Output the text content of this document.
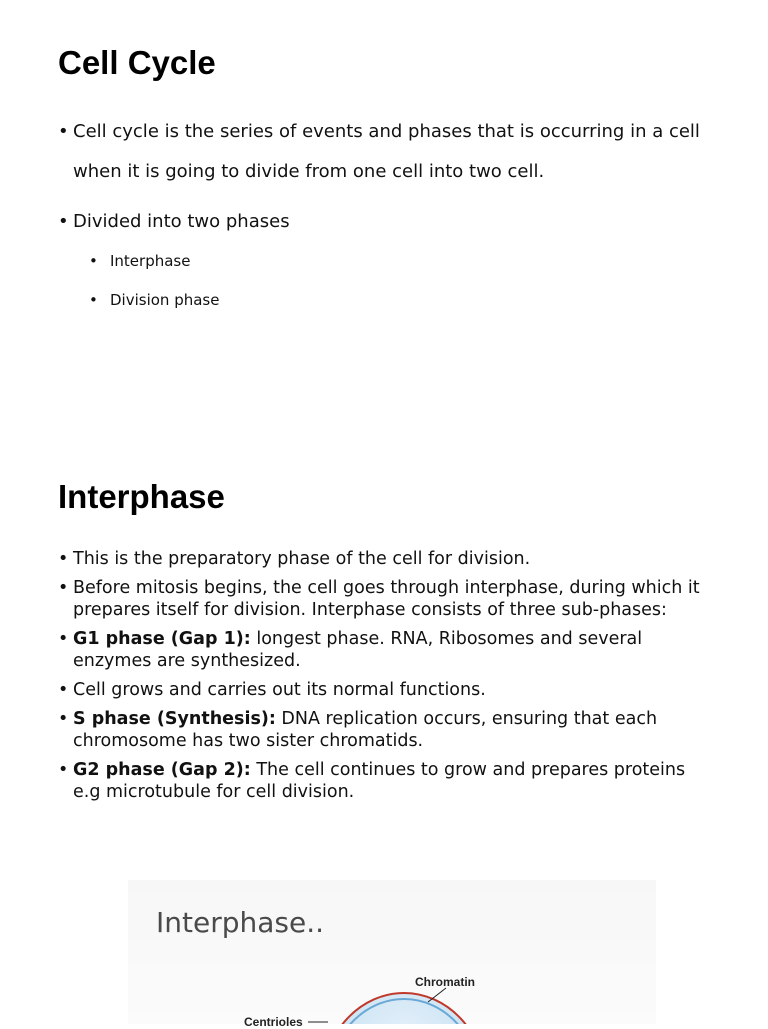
Cell Cycle
• Cell cycle is the series of events and phases that is occurring in a cell when it is going to divide from one cell into two cell.
• Divided into two phases
• Interphase
• Division phase
Interphase
• This is the preparatory phase of the cell for division.
• Before mitosis begins, the cell goes through interphase, during which it prepares itself for division. Interphase consists of three sub-phases:
• G1 phase (Gap 1): longest phase. RNA, Ribosomes and several enzymes are synthesized.
• Cell grows and carries out its normal functions.
• S phase (Synthesis): DNA replication occurs, ensuring that each chromosome has two sister chromatids.
• G2 phase (Gap 2): The cell continues to grow and prepares proteins e.g microtubule for cell division.
Interphase..
Chromatin
Centrioles
